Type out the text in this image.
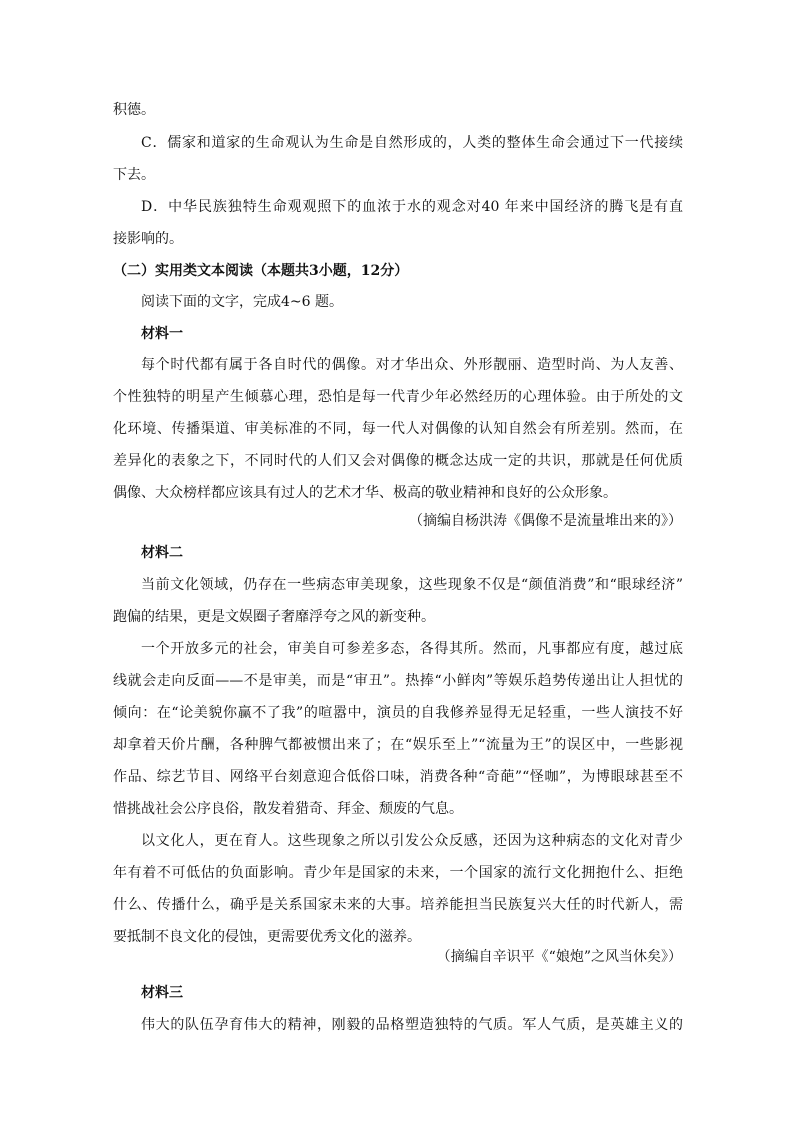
积德。
C．儒家和道家的生命观认为生命是自然形成的，人类的整体生命会通过下一代接续
下去。
D．中华民族独特生命观观照下的血浓于水的观念对40 年来中国经济的腾飞是有直
接影响的。
（二）实用类文本阅读（本题共3小题，12分）
阅读下面的文字，完成4~6 题。
材料一
每个时代都有属于各自时代的偶像。对才华出众、外形靓丽、造型时尚、为人友善、
个性独特的明星产生倾慕心理，恐怕是每一代青少年必然经历的心理体验。由于所处的文
化环境、传播渠道、审美标准的不同，每一代人对偶像的认知自然会有所差别。然而，在
差异化的表象之下，不同时代的人们又会对偶像的概念达成一定的共识，那就是任何优质
偶像、大众榜样都应该具有过人的艺术才华、极高的敬业精神和良好的公众形象。
（摘编自杨洪涛《偶像不是流量堆出来的》）
材料二
当前文化领域，仍存在一些病态审美现象，这些现象不仅是“颜值消费”和“眼球经济”
跑偏的结果，更是文娱圈子奢靡浮夸之风的新变种。
一个开放多元的社会，审美自可参差多态，各得其所。然而，凡事都应有度，越过底
线就会走向反面——不是审美，而是“审丑”。热捧“小鲜肉”等娱乐趋势传递出让人担忧的
倾向：在“论美貌你赢不了我”的喧嚣中，演员的自我修养显得无足轻重，一些人演技不好
却拿着天价片酬，各种脾气都被惯出来了；在“娱乐至上”“流量为王”的误区中，一些影视
作品、综艺节目、网络平台刻意迎合低俗口味，消费各种“奇葩”“怪咖”，为博眼球甚至不
惜挑战社会公序良俗，散发着猎奇、拜金、颓废的气息。
以文化人，更在育人。这些现象之所以引发公众反感，还因为这种病态的文化对青少
年有着不可低估的负面影响。青少年是国家的未来，一个国家的流行文化拥抱什么、拒绝
什么、传播什么，确乎是关系国家未来的大事。培养能担当民族复兴大任的时代新人，需
要抵制不良文化的侵蚀，更需要优秀文化的滋养。
（摘编自辛识平《“娘炮”之风当休矣》）
材料三
伟大的队伍孕育伟大的精神，刚毅的品格塑造独特的气质。军人气质，是英雄主义的
